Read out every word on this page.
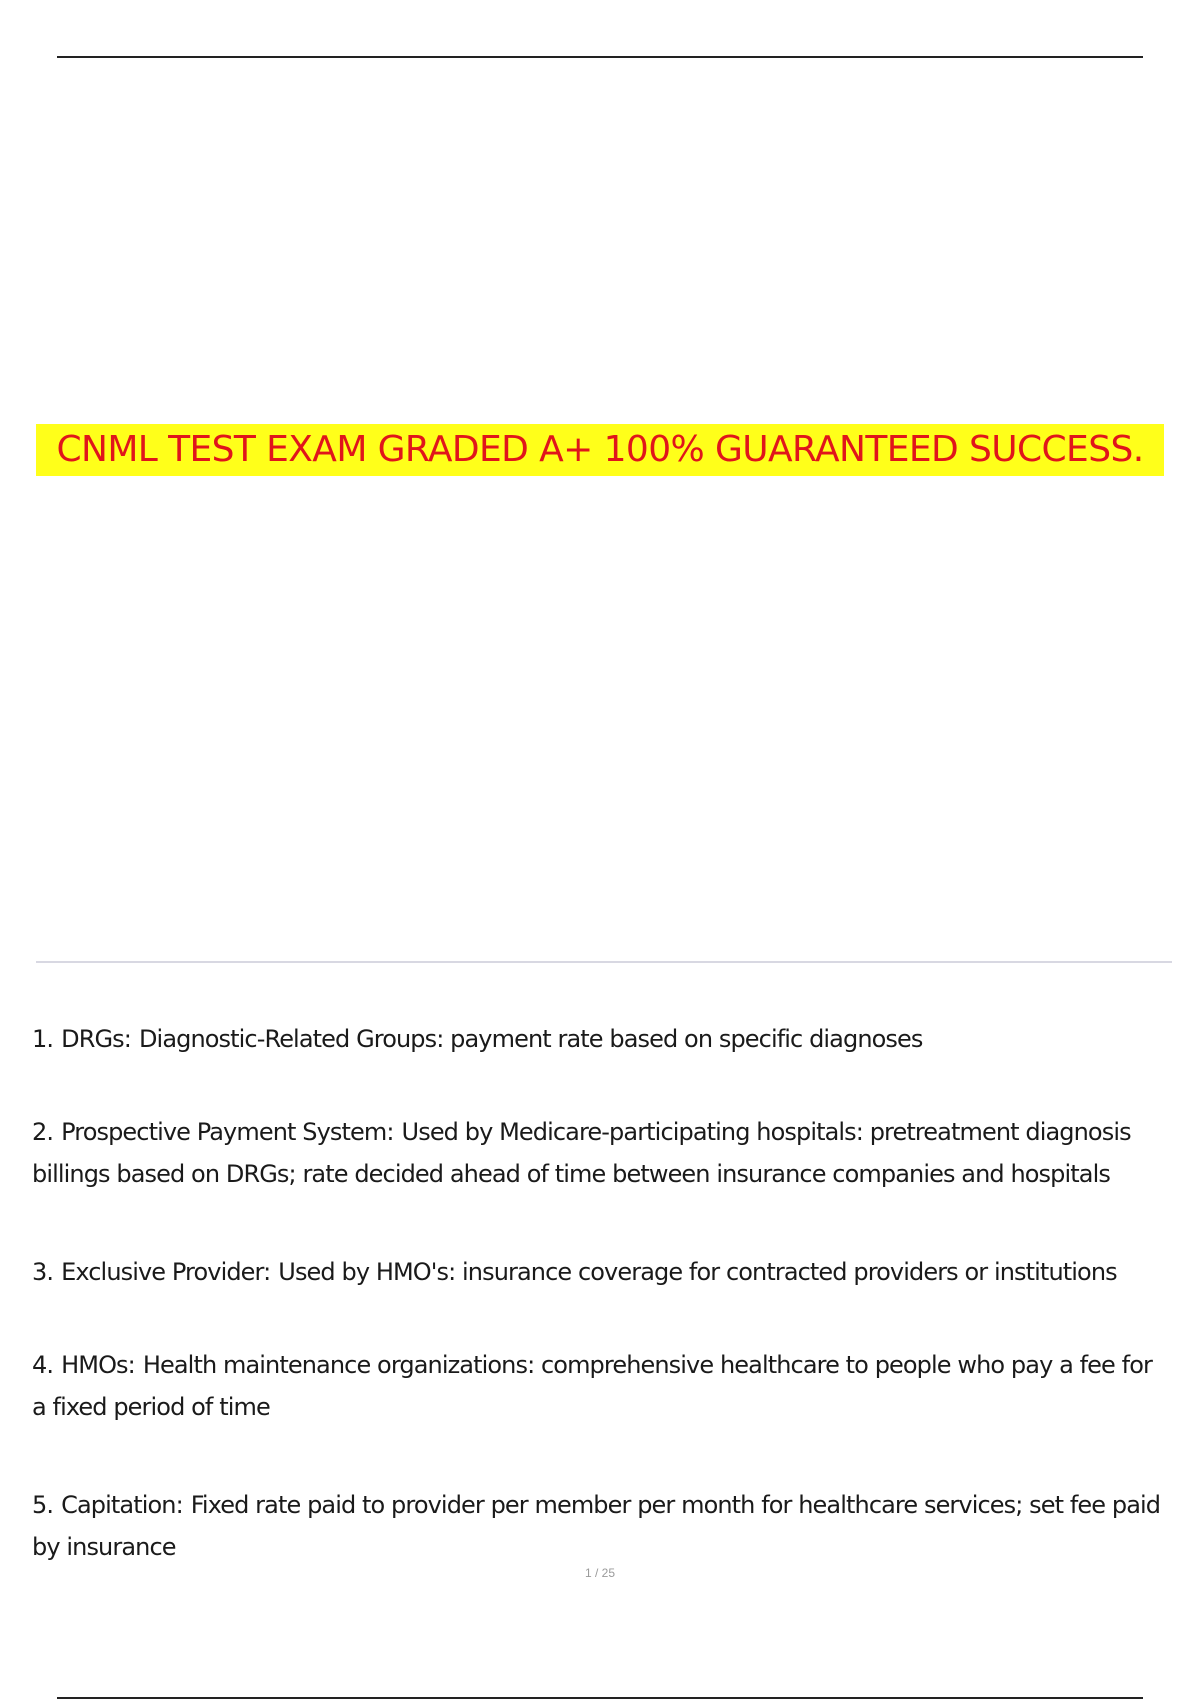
CNML TEST EXAM GRADED A+ 100% GUARANTEED SUCCESS.
1. DRGs: Diagnostic-Related Groups: payment rate based on specific diagnoses
2. Prospective Payment System: Used by Medicare-participating hospitals: pretreatment diagnosis billings based on DRGs; rate decided ahead of time between insurance companies and hospitals
3. Exclusive Provider: Used by HMO's: insurance coverage for contracted providers or institutions
4. HMOs: Health maintenance organizations: comprehensive healthcare to people who pay a fee for a fixed period of time
5. Capitation: Fixed rate paid to provider per member per month for healthcare services; set fee paid by insurance
1 / 25
